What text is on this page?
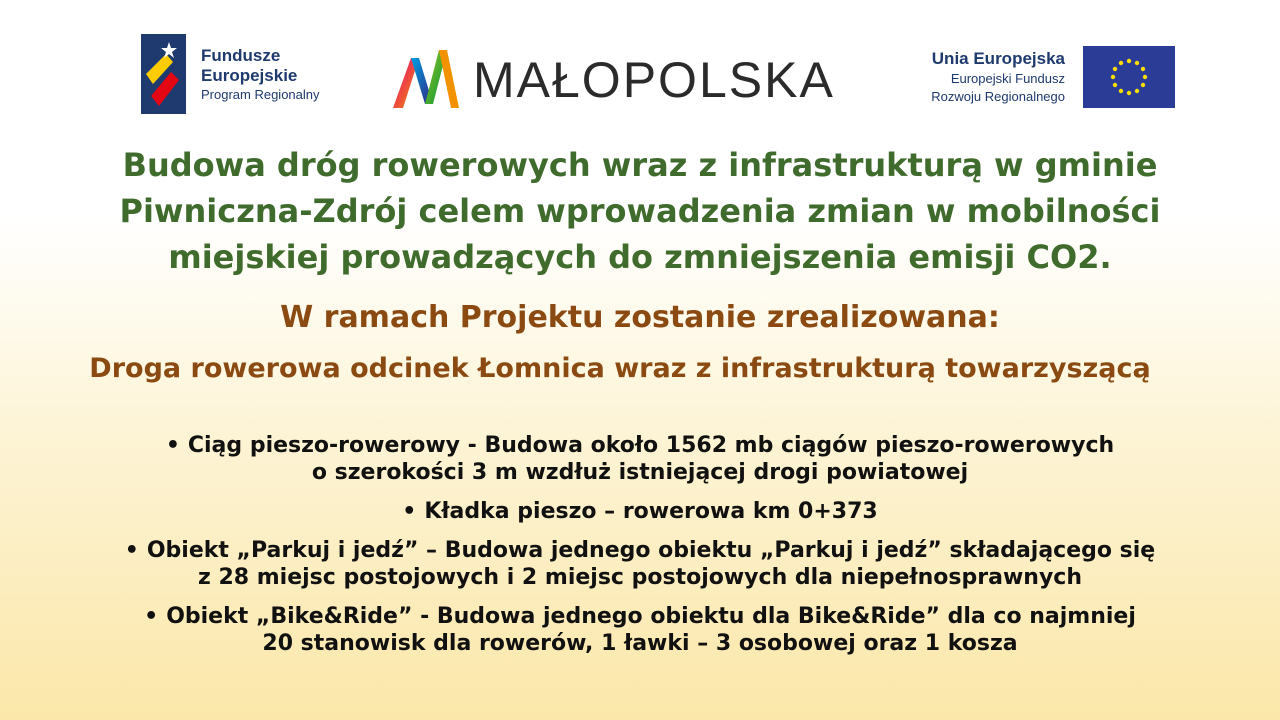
Fundusze
Europejskie
Program Regionalny	MAŁOPOLSKA	Unia Europejska
Europejski Fundusz
Rozwoju Regionalnego
Budowa dróg rowerowych wraz z infrastrukturą w gminie
Piwniczna-Zdrój celem wprowadzenia zmian w mobilności
miejskiej prowadzących do zmniejszenia emisji CO2.
W ramach Projektu zostanie zrealizowana:
Droga rowerowa odcinek Łomnica wraz z infrastrukturą towarzyszącą
• Ciąg pieszo-rowerowy - Budowa około 1562 mb ciągów pieszo-rowerowych
o szerokości 3 m wzdłuż istniejącej drogi powiatowej
• Kładka pieszo – rowerowa km 0+373
• Obiekt „Parkuj i jedź” – Budowa jednego obiektu „Parkuj i jedź” składającego się
z 28 miejsc postojowych i 2 miejsc postojowych dla niepełnosprawnych
• Obiekt „Bike&Ride” - Budowa jednego obiektu dla Bike&Ride” dla co najmniej
20 stanowisk dla rowerów, 1 ławki – 3 osobowej oraz 1 kosza
